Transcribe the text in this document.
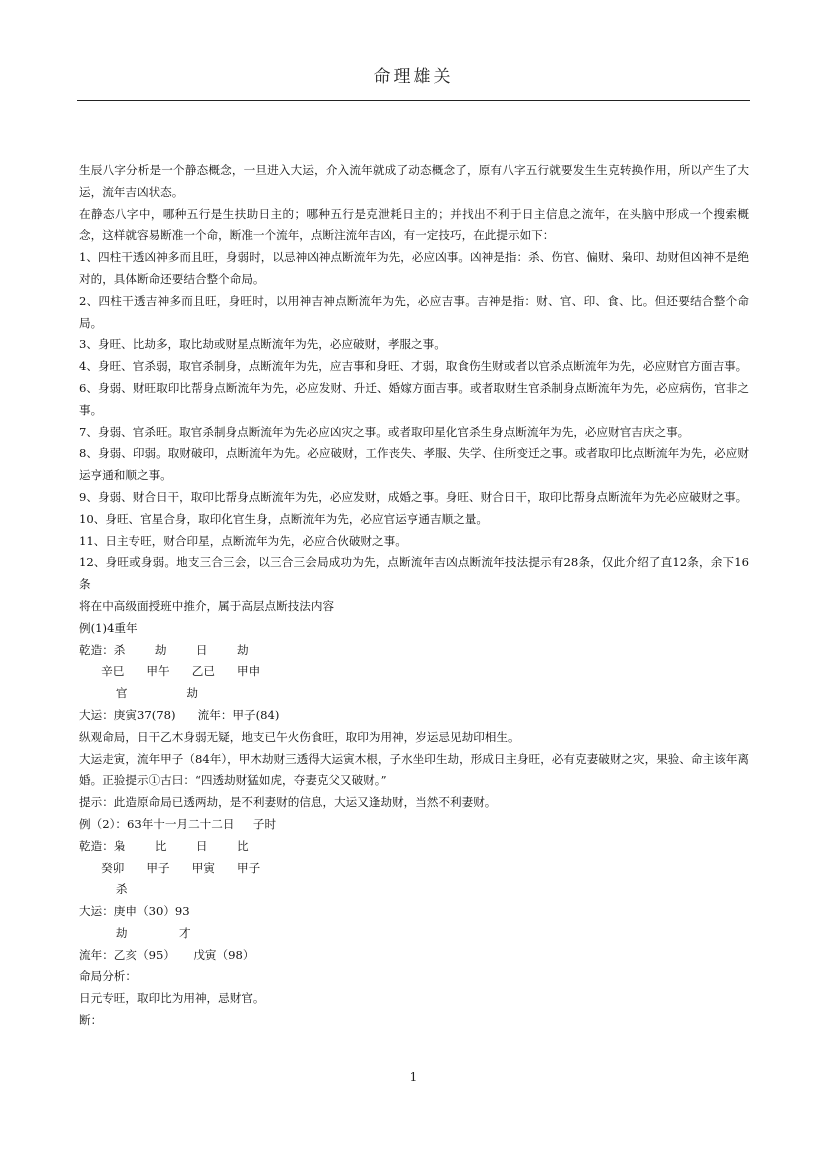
命理雄关

生辰八字分析是一个静态概念，一旦进入大运，介入流年就成了动态概念了，原有八字五行就要发生生克转换作用，所以产生了大运，流年吉凶状态。

在静态八字中，哪种五行是生扶助日主的；哪种五行是克泄耗日主的；并找出不利于日主信息之流年，在头脑中形成一个搜索概念，这样就容易断准一个命，断准一个流年，点断注流年吉凶，有一定技巧，在此提示如下：

1、四柱干透凶神多而且旺，身弱时，以忌神凶神点断流年为先，必应凶事。凶神是指：杀、伤官、偏财、枭印、劫财但凶神不是绝对的，具体断命还要结合整个命局。

2、四柱干透吉神多而且旺，身旺时，以用神吉神点断流年为先，必应吉事。吉神是指：财、官、印、食、比。但还要结合整个命局。

3、身旺、比劫多，取比劫或财星点断流年为先，必应破财，孝服之事。

4、身旺、官杀弱，取官杀制身，点断流年为先，应吉事和身旺、才弱，取食伤生财或者以官杀点断流年为先，必应财官方面吉事。

6、身弱、财旺取印比帮身点断流年为先，必应发财、升迁、婚嫁方面吉事。或者取财生官杀制身点断流年为先，必应病伤，官非之事。

7、身弱、官杀旺。取官杀制身点断流年为先必应凶灾之事。或者取印星化官杀生身点断流年为先，必应财官吉庆之事。

8、身弱、印弱。取财破印，点断流年为先。必应破财，工作丧失、孝服、失学、住所变迁之事。或者取印比点断流年为先，必应财运亨通和顺之事。

9、身弱、财合日干，取印比帮身点断流年为先，必应发财，成婚之事。身旺、财合日干，取印比帮身点断流年为先必应破财之事。

10、身旺、官星合身，取印化官生身，点断流年为先，必应官运亨通吉顺之量。

11、日主专旺，财合印星，点断流年为先，必应合伙破财之事。

12、身旺或身弱。地支三合三会，以三合三会局成功为先，点断流年吉凶点断流年技法提示有28条，仅此介绍了直12条，余下16条

将在中高级面授班中推介，属于高层点断技法内容

例(1)4重年

乾造：杀        劫        日        劫

辛巳      甲午      乙已      甲申

官                劫

大运：庚寅37(78)      流年：甲子(84)

纵观命局，日干乙木身弱无疑，地支已午火伤食旺，取印为用神，岁运忌见劫印相生。

大运走寅，流年甲子（84年），甲木劫财三透得大运寅木根，子水坐印生劫，形成日主身旺，必有克妻破财之灾，果验、命主该年离婚。正验提示①古曰：“四透劫财猛如虎，夺妻克父又破财。”

提示：此造原命局已透两劫，是不利妻财的信息，大运又逢劫财，当然不利妻财。

例（2）：63年十一月二十二日     子时

乾造：枭        比        日        比

癸卯      甲子      甲寅      甲子

杀

大运：庚申（30）93

劫              才

流年：乙亥（95）     戊寅（98）

命局分析：

日元专旺，取印比为用神，忌财官。

断：

1
